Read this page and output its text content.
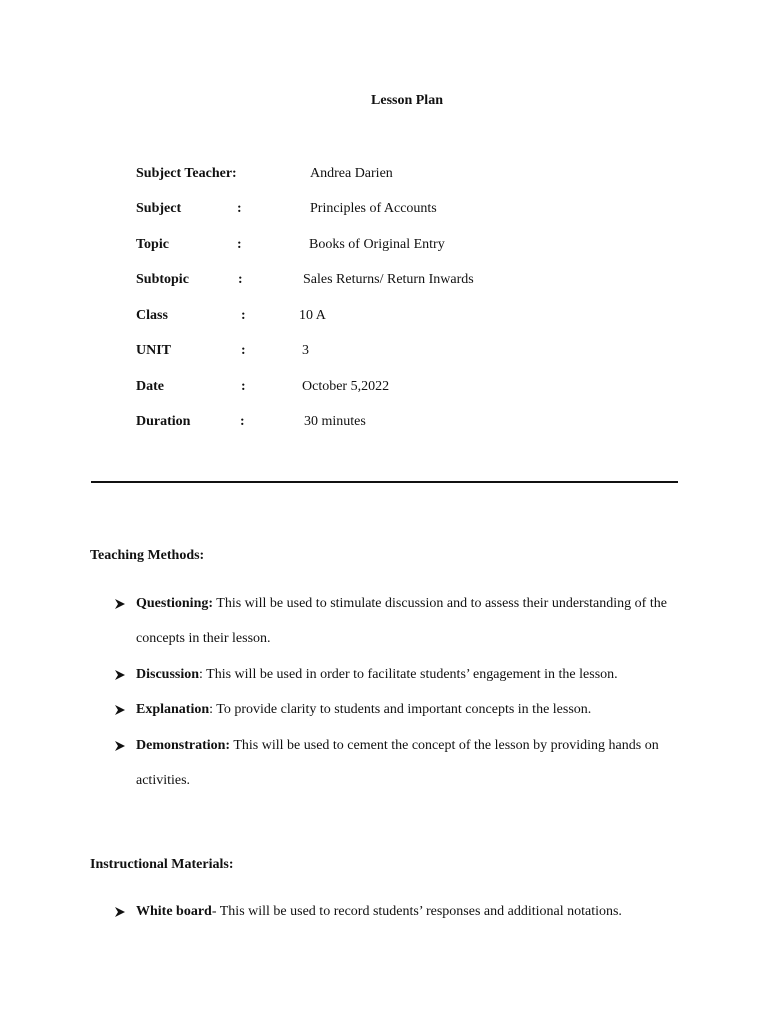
Lesson Plan
Subject Teacher:	Andrea Darien
Subject	:	Principles of Accounts
Topic	:	Books of Original Entry
Subtopic	:	Sales Returns/ Return Inwards
Class	:	10 A
UNIT	:	3
Date	:	October 5,2022
Duration	:	30 minutes
Teaching Methods:
Questioning: This will be used to stimulate discussion and to assess their understanding of the concepts in their lesson.
Discussion: This will be used in order to facilitate students’ engagement in the lesson.
Explanation: To provide clarity to students and important concepts in the lesson.
Demonstration: This will be used to cement the concept of the lesson by providing hands on activities.
Instructional Materials:
White board- This will be used to record students’ responses and additional notations.
